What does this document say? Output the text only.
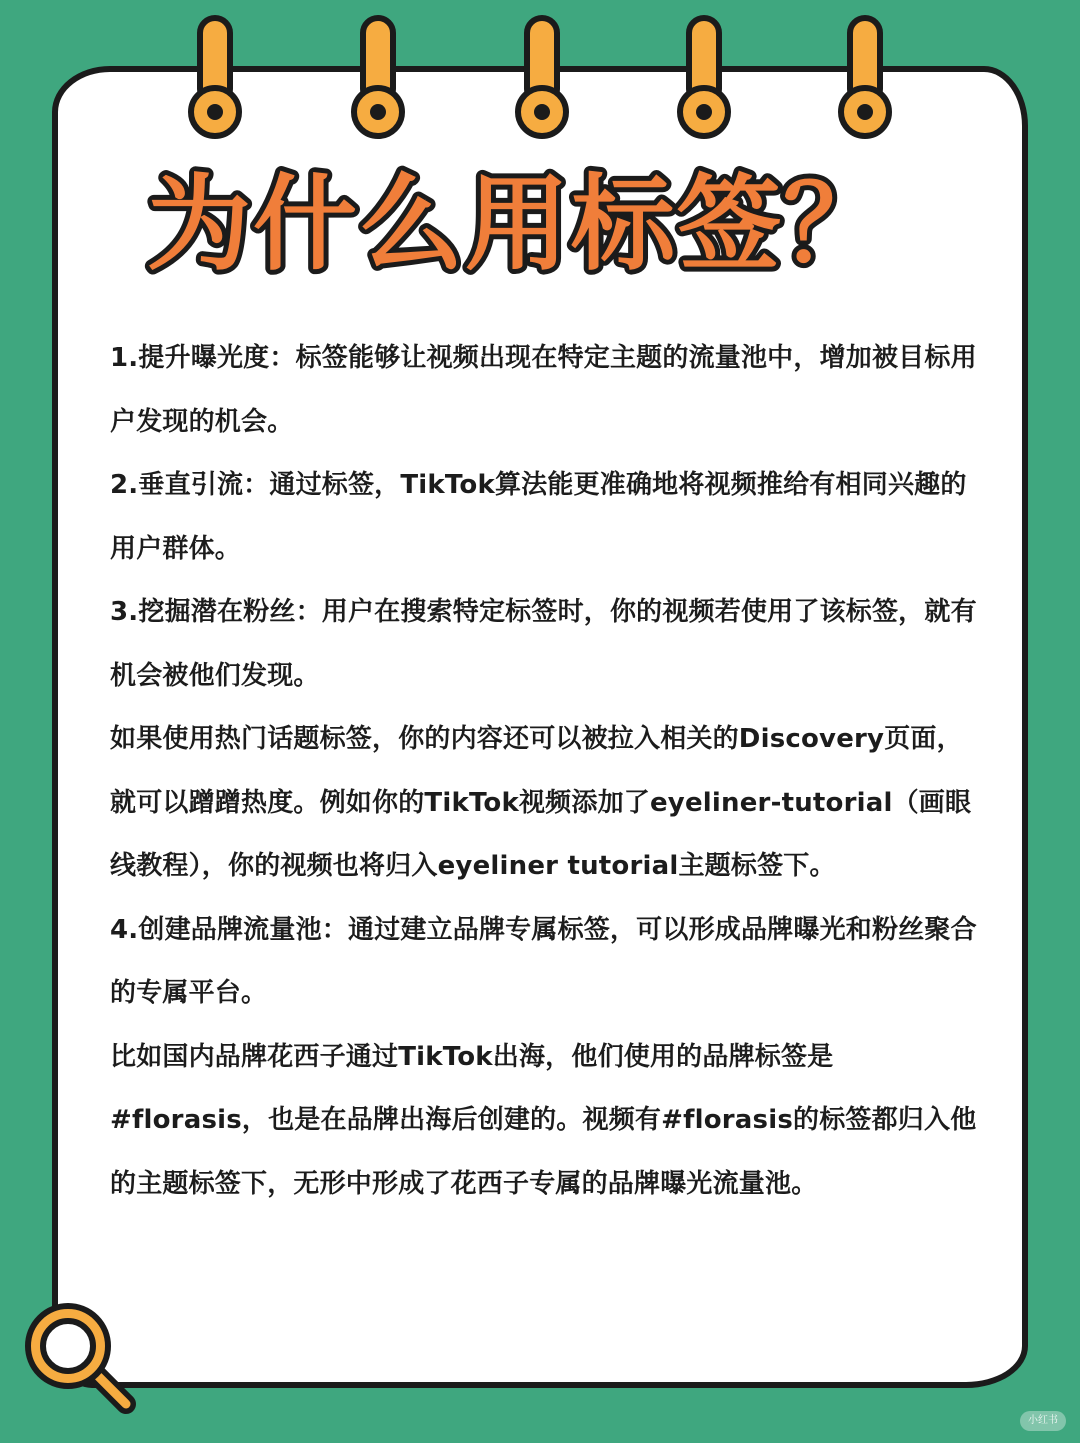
为什么用标签？

1.提升曝光度：标签能够让视频出现在特定主题的流量池中，增加被目标用户发现的机会。

2.垂直引流：通过标签，TikTok算法能更准确地将视频推给有相同兴趣的用户群体。

3.挖掘潜在粉丝：用户在搜索特定标签时，你的视频若使用了该标签，就有机会被他们发现。

如果使用热门话题标签，你的内容还可以被拉入相关的Discovery页面，就可以蹭蹭热度。例如你的TikTok视频添加了eyeliner-tutorial（画眼线教程），你的视频也将归入eyeliner tutorial主题标签下。

4.创建品牌流量池：通过建立品牌专属标签，可以形成品牌曝光和粉丝聚合的专属平台。

比如国内品牌花西子通过TikTok出海，他们使用的品牌标签是#florasis，也是在品牌出海后创建的。视频有#florasis的标签都归入他的主题标签下，无形中形成了花西子专属的品牌曝光流量池。

小红书
